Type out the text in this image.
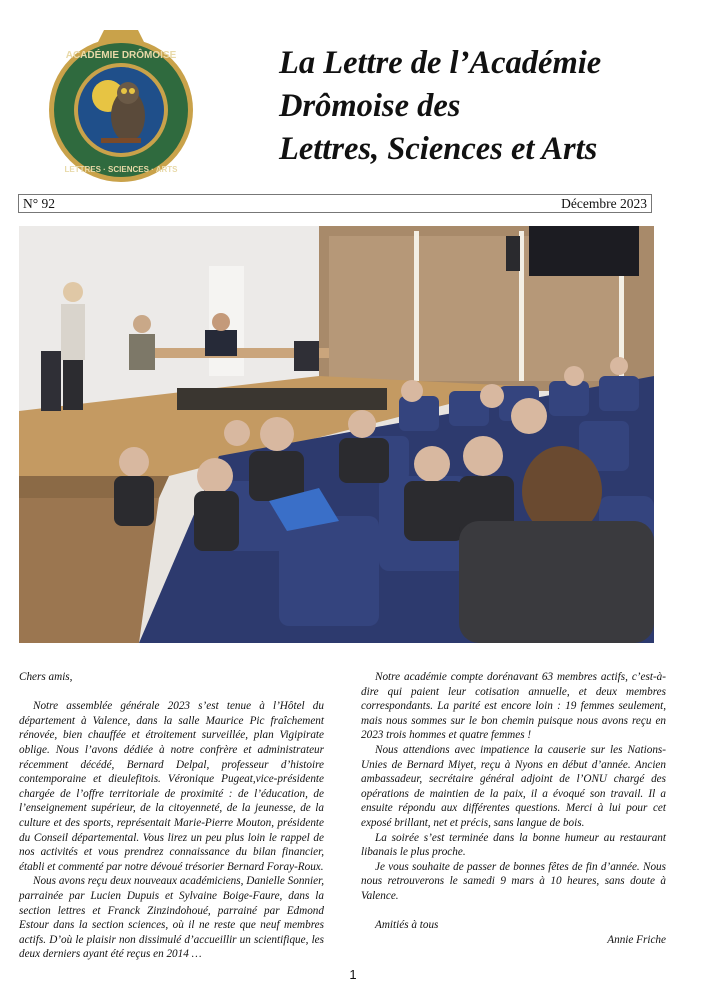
ACADÉMIE DRÔMOISE
LETTRES · SCIENCES · ARTS
La Lettre de l’Académie
Drômoise des
Lettres, Sciences et Arts
N° 92	Décembre 2023

Chers amis,

Notre assemblée générale 2023 s’est tenue à l’Hôtel du département à Valence, dans la salle Maurice Pic fraîchement rénovée, bien chauffée et étroitement surveillée, plan Vigipirate oblige. Nous l’avons dédiée à notre confrère et administrateur récemment décédé, Bernard Delpal, professeur d’histoire contemporaine et dieulefitois. Véronique Pugeat,vice-présidente chargée de l’offre territoriale de proximité : de l’éducation, de l’enseignement supérieur, de la citoyenneté, de la jeunesse, de la culture et des sports, représentait Marie-Pierre Mouton, présidente du Conseil départemental. Vous lirez un peu plus loin le rappel de nos activités et vous prendrez connaissance du bilan financier, établi et commenté par notre dévoué trésorier Bernard Foray-Roux.

Nous avons reçu deux nouveaux académiciens, Danielle Sonnier, parrainée par Lucien Dupuis et Sylvaine Boige-Faure, dans la section lettres et Franck Zinzindohoué, parrainé par Edmond Estour dans la section sciences, où il ne reste que neuf membres actifs. D’où le plaisir non dissimulé d’accueillir un scientifique, les deux derniers ayant été reçus en 2014 …

Notre académie compte dorénavant 63 membres actifs, c’est-à-dire qui paient leur cotisation annuelle, et deux membres correspondants. La parité est encore loin : 19 femmes seulement, mais nous sommes sur le bon chemin puisque nous avons reçu en 2023 trois hommes et quatre femmes !

Nous attendions avec impatience la causerie sur les Nations-Unies de Bernard Miyet, reçu à Nyons en début d’année. Ancien ambassadeur, secrétaire général adjoint de l’ONU chargé des opérations de maintien de la paix, il a évoqué son travail. Il a ensuite répondu aux différentes questions. Merci à lui pour cet exposé brillant, net et précis, sans langue de bois.

La soirée s’est terminée dans la bonne humeur au restaurant libanais le plus proche.

Je vous souhaite de passer de bonnes fêtes de fin d’année. Nous nous retrouverons le samedi 9 mars à 10 heures, sans doute à Valence.

Amitiés à tous

Annie Friche

1
